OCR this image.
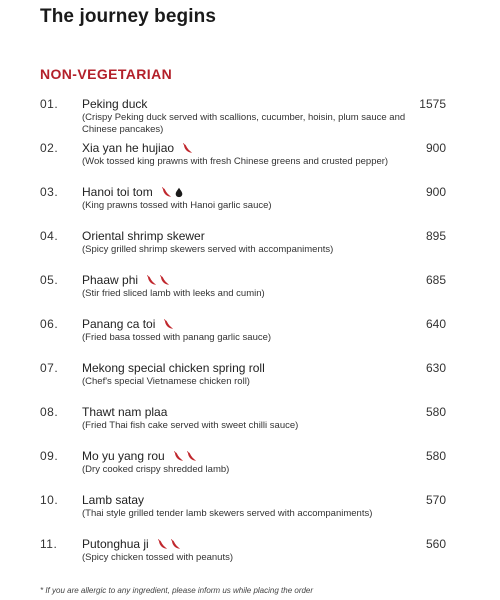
The journey begins
NON-VEGETARIAN
01. Peking duck	1575
(Crispy Peking duck served with scallions, cucumber, hoisin, plum sauce and Chinese pancakes)
02. Xia yan he hujiao	900
(Wok tossed king prawns with fresh Chinese greens and crusted pepper)
03. Hanoi toi tom	900
(King prawns tossed with Hanoi garlic sauce)
04. Oriental shrimp skewer	895
(Spicy grilled shrimp skewers served with accompaniments)
05. Phaaw phi	685
(Stir fried sliced lamb with leeks and cumin)
06. Panang ca toi	640
(Fried basa tossed with panang garlic sauce)
07. Mekong special chicken spring roll	630
(Chef's special Vietnamese chicken roll)
08. Thawt nam plaa	580
(Fried Thai fish cake served with sweet chilli sauce)
09. Mo yu yang rou	580
(Dry cooked crispy shredded lamb)
10. Lamb satay	570
(Thai style grilled tender lamb skewers served with accompaniments)
11. Putonghua ji	560
(Spicy chicken tossed with peanuts)
* If you are allergic to any ingredient, please inform us while placing the order
